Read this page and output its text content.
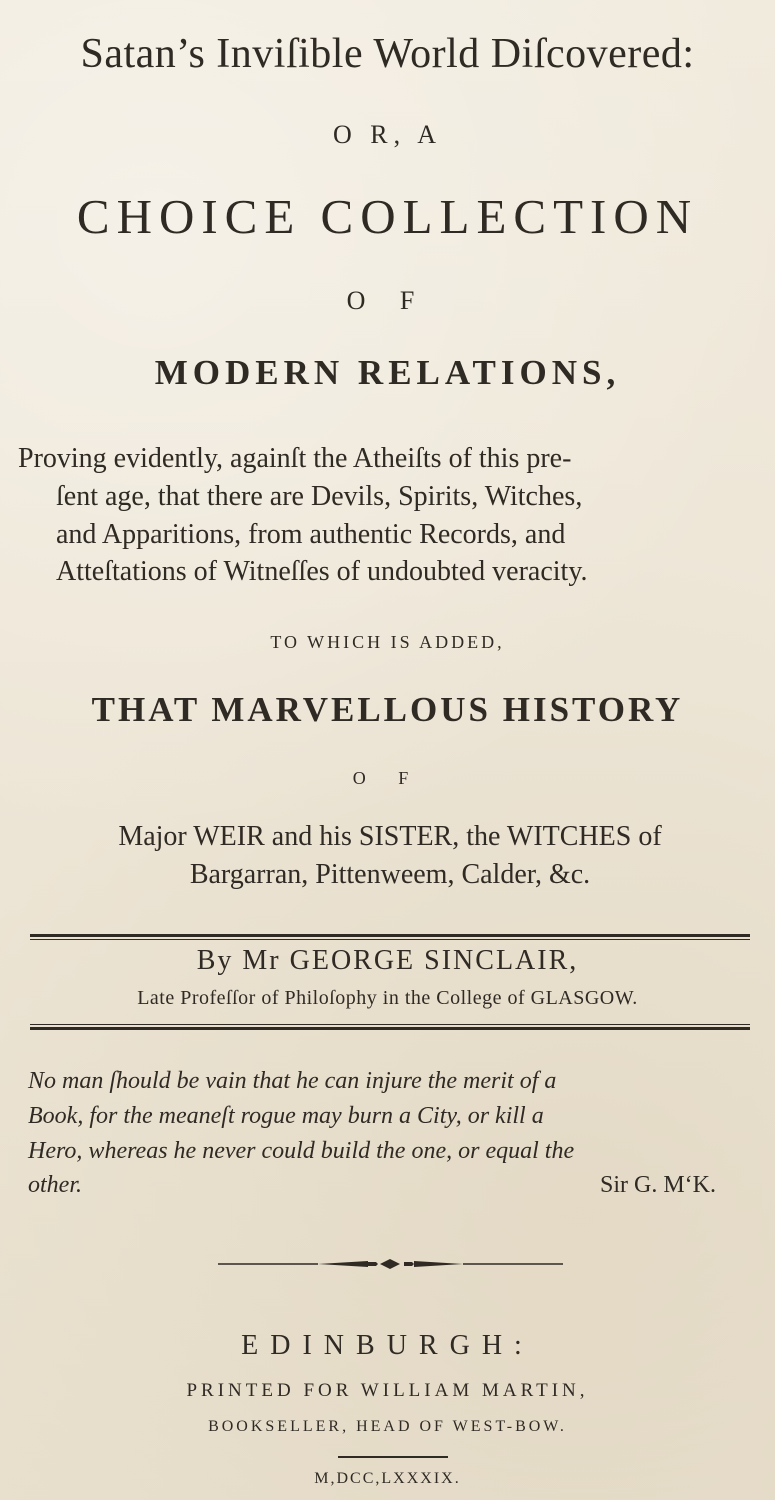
Satan’s Inviſible World Diſcovered:
O R, A
CHOICE COLLECTION
O F
MODERN RELATIONS,
Proving evidently, againſt the Atheiſts of this pre-
ſent age, that there are Devils, Spirits, Witches,
and Apparitions, from authentic Records, and
Atteſtations of Witneſſes of undoubted veracity.
TO WHICH IS ADDED,
THAT MARVELLOUS HISTORY
O F
Major WEIR and his SISTER, the WITCHES of
Bargarran, Pittenweem, Calder, &c.
By Mr GEORGE SINCLAIR,
Late Profeſſor of Philoſophy in the College of GLASGOW.
No man ſhould be vain that he can injure the merit of a
Book, for the meaneſt rogue may burn a City, or kill a
Hero, whereas he never could build the one, or equal the
other.	Sir G. M‘K.
EDINBURGH:
PRINTED FOR WILLIAM MARTIN,
BOOKSELLER, HEAD OF WEST-BOW.
M,DCC,LXXXIX.
